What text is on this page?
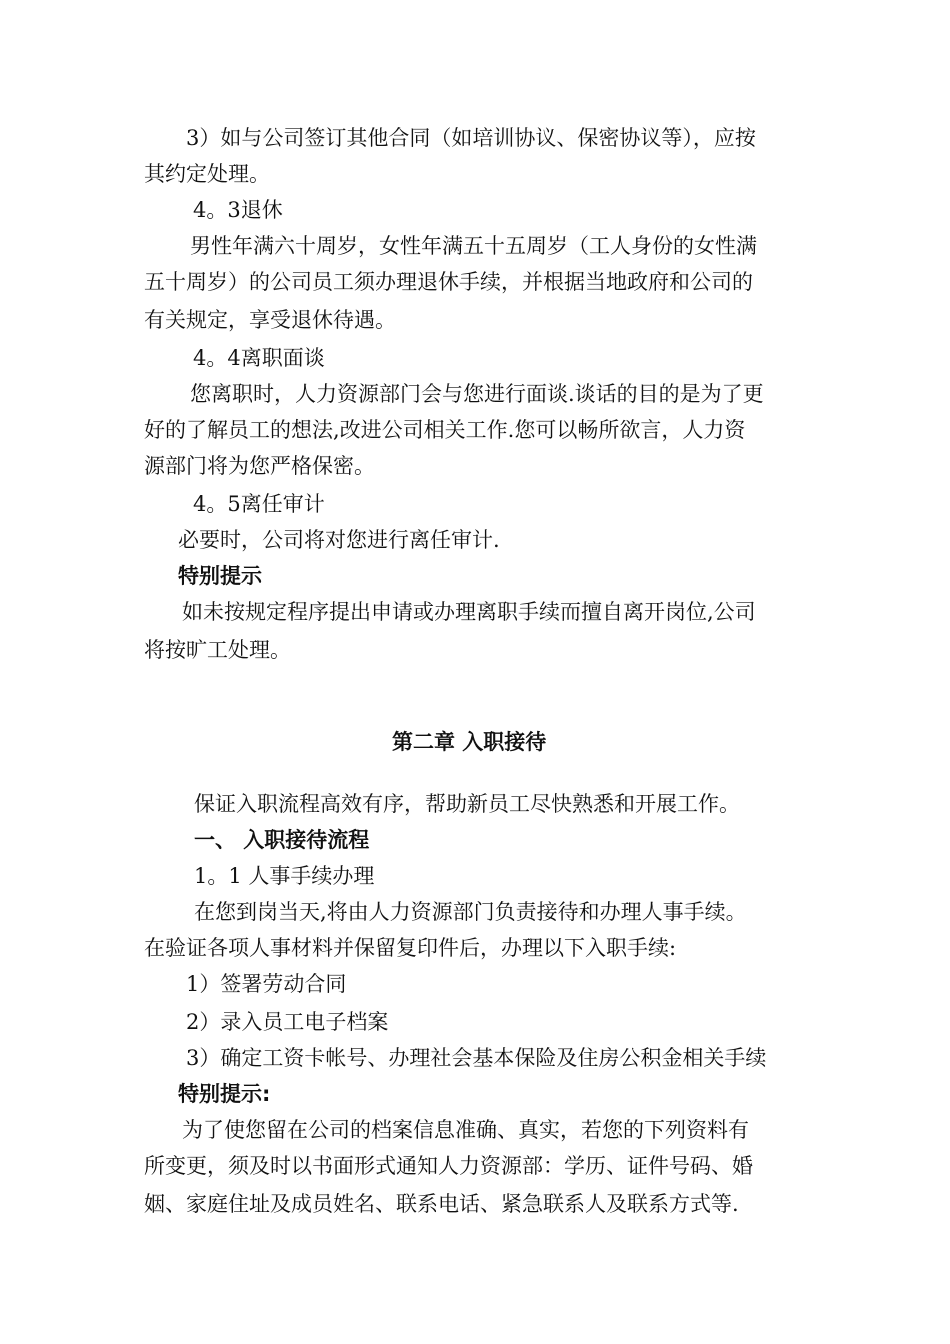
3）如与公司签订其他合同（如培训协议、保密协议等），应按
其约定处理。
4。3退休
男性年满六十周岁，女性年满五十五周岁（工人身份的女性满
五十周岁）的公司员工须办理退休手续，并根据当地政府和公司的
有关规定，享受退休待遇。
4。4离职面谈
您离职时，人力资源部门会与您进行面谈.谈话的目的是为了更
好的了解员工的想法,改进公司相关工作.您可以畅所欲言，人力资
源部门将为您严格保密。
4。5离任审计
必要时，公司将对您进行离任审计.
特别提示
如未按规定程序提出申请或办理离职手续而擅自离开岗位,公司
将按旷工处理。
第二章 入职接待
保证入职流程高效有序，帮助新员工尽快熟悉和开展工作。
一、 入职接待流程
1。1 人事手续办理
在您到岗当天,将由人力资源部门负责接待和办理人事手续。
在验证各项人事材料并保留复印件后，办理以下入职手续:
1）签署劳动合同
2）录入员工电子档案
3）确定工资卡帐号、办理社会基本保险及住房公积金相关手续
特别提示:
为了使您留在公司的档案信息准确、真实，若您的下列资料有
所变更，须及时以书面形式通知人力资源部：学历、证件号码、婚
姻、家庭住址及成员姓名、联系电话、紧急联系人及联系方式等.
